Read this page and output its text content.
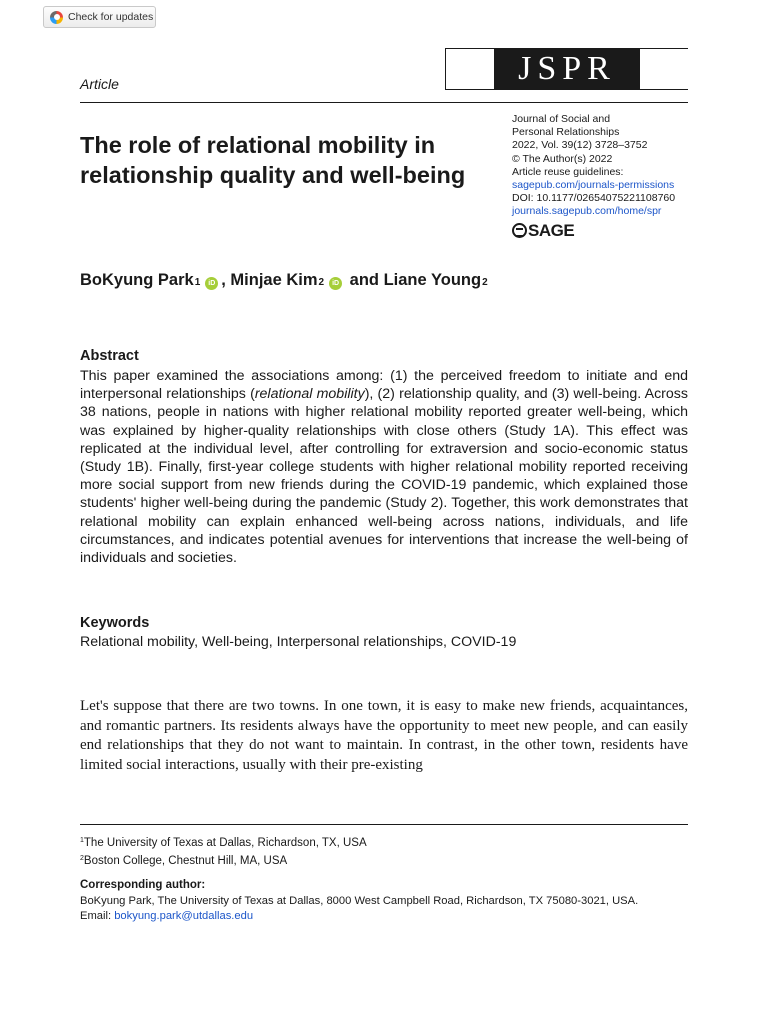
Check for updates
JSPR
Article
The role of relational mobility in relationship quality and well-being
Journal of Social and
Personal Relationships
2022, Vol. 39(12) 3728–3752
© The Author(s) 2022
Article reuse guidelines:
sagepub.com/journals-permissions
DOI: 10.1177/02654075221108760
journals.sagepub.com/home/spr
SAGE
BoKyung Park 1	iD , Minjae Kim 2	iD and Liane Young 2
Abstract

This paper examined the associations among: (1) the perceived freedom to initiate and end interpersonal relationships (relational mobility), (2) relationship quality, and (3) well-being. Across 38 nations, people in nations with higher relational mobility reported greater well-being, which was explained by higher-quality relationships with close others (Study 1A). This effect was replicated at the individual level, after controlling for extraversion and socio-economic status (Study 1B). Finally, first-year college students with higher relational mobility reported receiving more social support from new friends during the COVID-19 pandemic, which explained those students' higher well-being during the pandemic (Study 2). Together, this work demonstrates that relational mobility can explain enhanced well-being across nations, individuals, and life circumstances, and indicates potential avenues for interventions that increase the well-being of individuals and societies.

Keywords

Relational mobility, Well-being, Interpersonal relationships, COVID-19

Let's suppose that there are two towns. In one town, it is easy to make new friends, acquaintances, and romantic partners. Its residents always have the opportunity to meet new people, and can easily end relationships that they do not want to maintain. In contrast, in the other town, residents have limited social interactions, usually with their pre-existing

$^1$The University of Texas at Dallas, Richardson, TX, USA
$^2$Boston College, Chestnut Hill, MA, USA
Corresponding author:
BoKyung Park, The University of Texas at Dallas, 8000 West Campbell Road, Richardson, TX 75080-3021, USA.
Email: bokyung.park@utdallas.edu
